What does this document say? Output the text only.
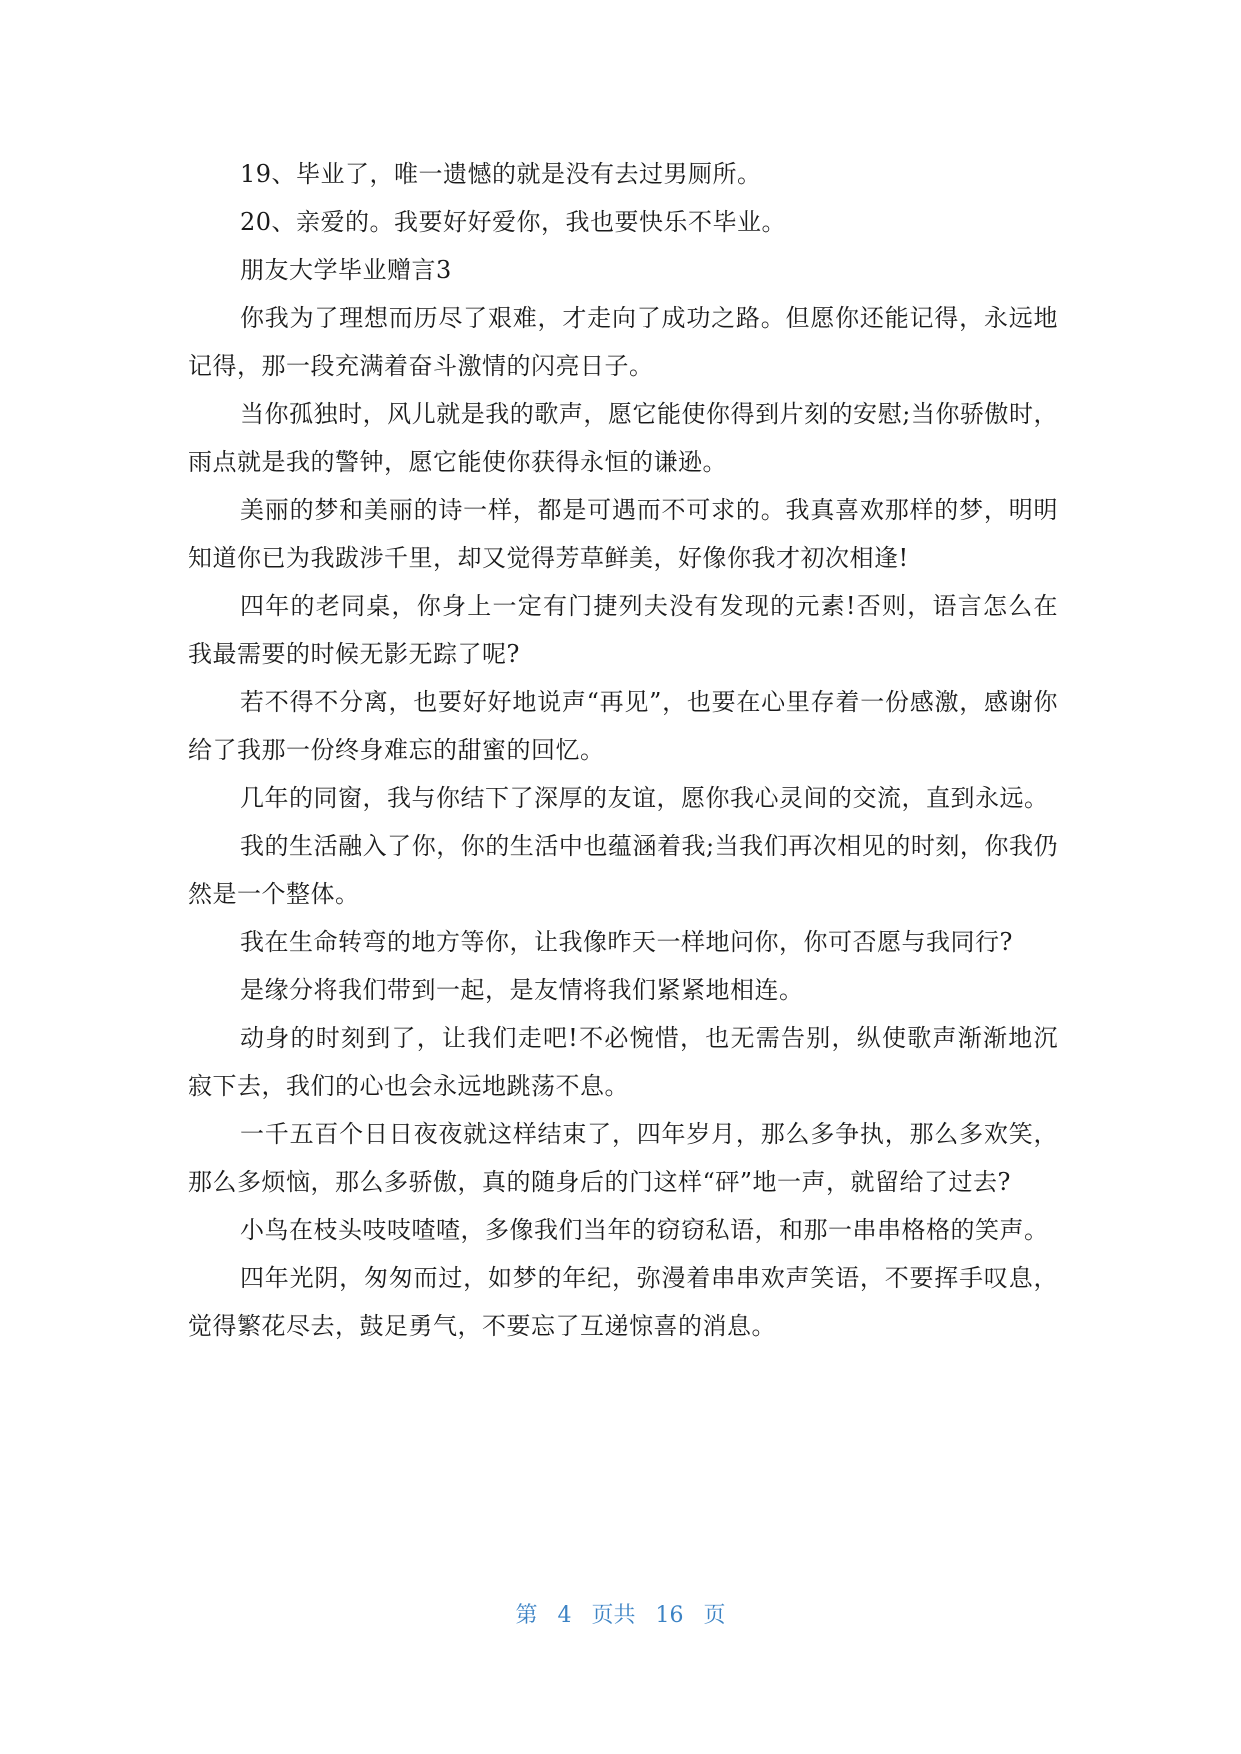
19、毕业了，唯一遗憾的就是没有去过男厕所。

20、亲爱的。我要好好爱你，我也要快乐不毕业。

朋友大学毕业赠言3

你我为了理想而历尽了艰难，才走向了成功之路。但愿你还能记得，永远地记得，那一段充满着奋斗激情的闪亮日子。

当你孤独时，风儿就是我的歌声，愿它能使你得到片刻的安慰;当你骄傲时，雨点就是我的警钟，愿它能使你获得永恒的谦逊。

美丽的梦和美丽的诗一样，都是可遇而不可求的。我真喜欢那样的梦，明明知道你已为我跋涉千里，却又觉得芳草鲜美，好像你我才初次相逢!

四年的老同桌，你身上一定有门捷列夫没有发现的元素!否则，语言怎么在我最需要的时候无影无踪了呢?

若不得不分离，也要好好地说声“再见”，也要在心里存着一份感激，感谢你给了我那一份终身难忘的甜蜜的回忆。

几年的同窗，我与你结下了深厚的友谊，愿你我心灵间的交流，直到永远。

我的生活融入了你，你的生活中也蕴涵着我;当我们再次相见的时刻，你我仍然是一个整体。

我在生命转弯的地方等你，让我像昨天一样地问你，你可否愿与我同行?

是缘分将我们带到一起，是友情将我们紧紧地相连。

动身的时刻到了，让我们走吧!不必惋惜，也无需告别，纵使歌声渐渐地沉寂下去，我们的心也会永远地跳荡不息。

一千五百个日日夜夜就这样结束了，四年岁月，那么多争执，那么多欢笑，那么多烦恼，那么多骄傲，真的随身后的门这样“砰”地一声，就留给了过去?

小鸟在枝头吱吱喳喳，多像我们当年的窃窃私语，和那一串串格格的笑声。

四年光阴，匆匆而过，如梦的年纪，弥漫着串串欢声笑语，不要挥手叹息，觉得繁花尽去，鼓足勇气，不要忘了互递惊喜的消息。

第 4 页共 16 页
